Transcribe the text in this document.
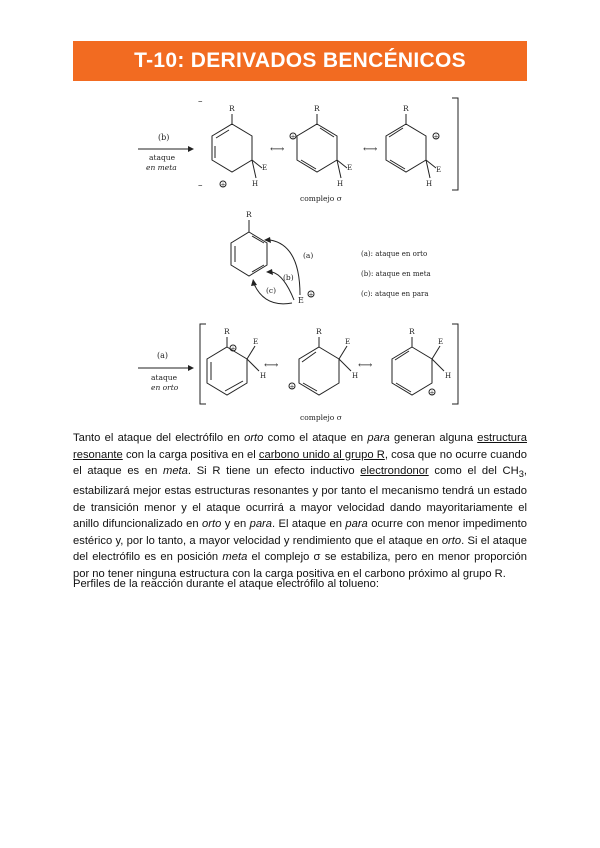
T-10: DERIVADOS BENCÉNICOS
(b)
ataque
en meta
–
–
R
E
H
+
⟷
R
E
H
+
⟷
R
E
H
+
complejo σ
R
(a)
(b)
(c)
E
+
(a): ataque en orto
(b): ataque en meta
(c): ataque en para
(a)
ataque
en orto
R
E
H
+
⟷
R
E
H
+
⟷
R
E
H
+
complejo σ
Tanto el ataque del electrófilo en orto como el ataque en para generan alguna estructura resonante con la carga positiva en el carbono unido al grupo R, cosa que no ocurre cuando el ataque es en meta. Si R tiene un efecto inductivo electrondonor como el del $CH_3$, estabilizará mejor estas estructuras resonantes y por tanto el mecanismo tendrá un estado de transición menor y el ataque ocurrirá a mayor velocidad dando mayoritariamente el anillo difuncionalizado en orto y en para. El ataque en para ocurre con menor impedimento estérico y, por lo tanto, a mayor velocidad y rendimiento que el ataque en orto. Si el ataque del electrófilo es en posición meta el complejo σ se estabiliza, pero en menor proporción por no tener ninguna estructura con la carga positiva en el carbono próximo al grupo R.
Perfiles de la reacción durante el ataque electrófilo al tolueno:
